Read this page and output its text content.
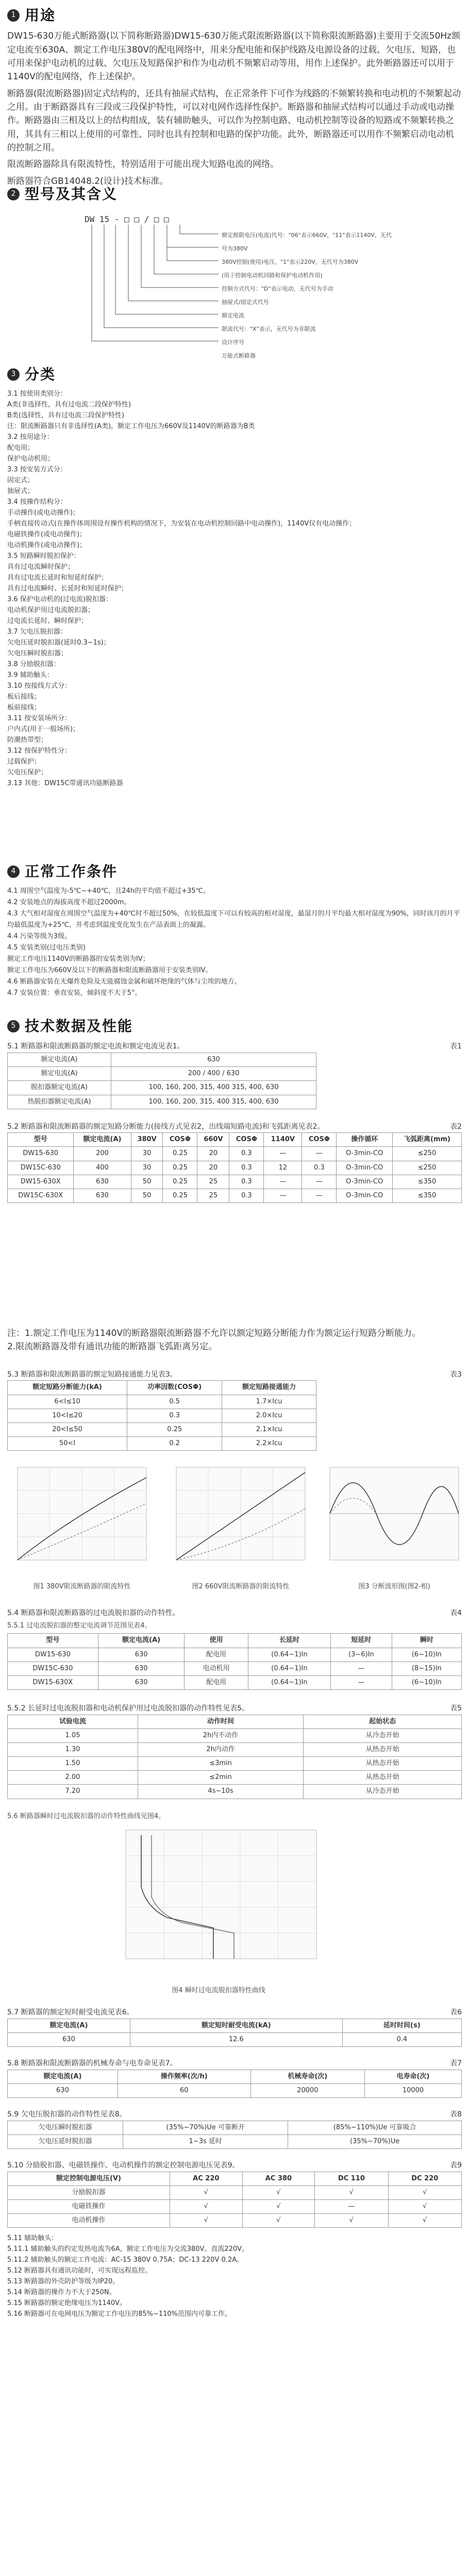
1 用途

DW15-630万能式断路器(以下简称断路器)DW15-630万能式限流断路器(以下简称限流断路器)主要用于交流50Hz额定电流至630A、额定工作电压380V的配电网络中，用来分配电能和保护线路及电源设备的过载、欠电压、短路，也可用来保护电动机的过载、欠电压及短路保护和作为电动机不频繁启动等用，用作上述保护。此外断路器还可以用于1140V的配电网络，作上述保护。

断路器(限流断路器)固定式结构的，还具有抽屉式结构，在正常条件下可作为线路的不频繁转换和电动机的不频繁起动之用。由于断路器具有三段或三段保护特性，可以对电网作选择性保护。断路器和抽屉式结构可以通过手动或电动操作。断路器由三相及以上的结构组成，装有辅助触头，可以作为控制电路、电动机控制等设备的短路或不频繁转换之用，其具有三相以上使用的可靠性、同时也具有控制和电路的保护功能。此外，断路器还可以用作不频繁启动电动机的控制之用。

限流断路器除具有限流特性，特别适用于可能出现大短路电流的网络。

断路器符合GB14048.2(设计)技术标准。

2 型号及其含义
DW 15 - □ □ / □ □
额定极限电压(电流)代号："06"表示660V，"11"表示1140V，无代号为380V
380V控制(使用)电压，"1"表示220V，无代号为380V
(用于控制电动机回路和保护电动机作用)
控制方式代号："D"表示电动，无代号为手动
抽屉式/固定式代号
额定电流
限流代号："X"表示，无代号为非限流
设计序号
万能式断路器
3 分类
3.1 按使用类别分：
A类(非选择性，具有过电流二段保护特性)
B类(选择性，具有过电流三段保护特性)
注：限流断路器只有非选择性(A类)，额定工作电压为660V及1140V的断路器为B类
3.2 按用途分：
配电用；
保护电动机用；
3.3 按安装方式分：
固定式；
抽屉式；
3.4 按操作结构分：
手动操作(或电动操作)；
手柄直接传动式(在操作体周围设有操作机构的情况下，为安装在电动机控制回路中电动操作)，1140V仅有电动操作；
电磁铁操作(或电动操作)；
电动机操作(或电动操作)；
3.5 短路瞬时脱扣保护：
具有过电流瞬时保护；
具有过电流长延时和短延时保护；
具有过电流瞬时、长延时和短延时保护；
3.6 保护电动机的(过电流)脱扣器：
电动机保护用过电流脱扣器；
过电流长延时、瞬时保护；
3.7 欠电压脱扣器：
欠电压延时脱扣器(延时0.3~1s)；
欠电压瞬时脱扣器；
3.8 分励脱扣器：
3.9 辅助触头：
3.10 按接线方式分：
板后接线；
板前接线；
3.11 按安装场所分：
户内式(用于一般场所)；
防潮热带型；
3.12 按保护特性分：
过载保护；
欠电压保护；
3.13 其他：DW15C带通讯功能断路器
4 正常工作条件
4.1 周围空气温度为-5℃~+40℃，且24h的平均值不超过+35℃。
4.2 安装地点的海拔高度不超过2000m。
4.3 大气相对湿度在周围空气温度为+40℃时不超过50%，在较低温度下可以有较高的相对湿度，最湿月的月平均最大相对湿度为90%，同时该月的月平均最低温度为+25℃，并考虑到温度变化发生在产品表面上的凝露。
4.4 污染等级为3级。
4.5 安装类别(过电压类别)
额定工作电压1140V的断路器的安装类别为IV；
额定工作电压为660V及以下的断路器和限流断路器用于安装类别IV。
4.6 断路器安装在无爆炸危险及无能腐蚀金属和破坏绝缘的气体与尘埃的地方。
4.7 安装位置：垂直安装，倾斜度不大于5°。
5 技术数据及性能
5.1 断路器和限流断路器的额定电流和额定电流见表1。	表1
额定电流(A)	630
额定电流(A)	200 / 400 / 630
脱扣器额定电流(A)	100, 160, 200, 315, 400 315, 400, 630
热脱扣器额定电流(A)	100, 160, 200, 315, 400 315, 400, 630
5.2 断路器和限流断路器的额定短路分断能力(接线方式见表2，出线端短路电流)和飞弧距离见表2。	表2
型号	额定电流(A)	380V	COSΦ	660V	COSΦ	1140V	COSΦ	操作循环	飞弧距离(mm)
DW15-630	200	30	0.25	20	0.3	—	—	O-3min-CO	≤250
DW15C-630	400	30	0.25	20	0.3	12	0.3	O-3min-CO	≤250
DW15-630X	630	50	0.25	25	0.3	—	—	O-3min-CO	≤350
DW15C-630X	630	50	0.25	25	0.3	—	—	O-3min-CO	≤350
注：1.额定工作电压为1140V的断路器限流断路器不允许以额定短路分断能力作为额定运行短路分断能力。
2.限流断路器及带有通讯功能的断路器飞弧距离另定。
5.3 断路器和限流断路器的额定短路接通能力见表3。	表3
额定短路分断能力(kA)	功率因数(COSΦ)	额定短路接通能力
6<I≤10	0.5	1.7×Icu
10<I≤20	0.3	2.0×Icu
20<I≤50	0.25	2.1×Icu
50<I	0.2	2.2×Icu
图1 380V限流断路器的限流特性	图2 660V限流断路器的限流特性	图3 分断波形图(图2-相)
5.4 断路器和限流断路器的过电流脱扣器的动作特性。	表4
5.5.1 过电流脱扣器的整定电流调节范围见表4。
型号	额定电流(A)	使用	长延时	短延时	瞬时
DW15-630	630	配电用	(0.64~1)In	(3~6)In	(6~10)In
DW15C-630	630	电动机用	(0.64~1)In	—	(8~15)In
DW15-630X	630	配电用	(0.64~1)In	—	(6~10)In
5.5.2 长延时过电流脱扣器和电动机保护用过电流脱扣器的动作特性见表5。	表5
试验电流	动作时间	起始状态
1.05	2h内不动作	从冷态开始
1.30	2h内动作	从热态开始
1.50	≤3min	从热态开始
2.00	≤2min	从热态开始
7.20	4s~10s	从冷态开始
5.6 断路器瞬时过电流脱扣器的动作特性曲线见图4。
图4 瞬时过电流脱扣器特性曲线
5.7 断路器的额定短时耐受电流见表6。	表6
额定电流(A)	额定短时耐受电流(kA)	延时时间(s)
630	12.6	0.4
5.8 断路器和限流断路器的机械寿命与电寿命见表7。	表7
额定电流(A)	操作频率(次/h)	机械寿命(次)	电寿命(次)
630	60	20000	10000
5.9 欠电压脱扣器的动作特性见表8。	表8
欠电压瞬时脱扣器	(35%~70%)Ue 可靠断开	(85%~110%)Ue 可靠吸合
欠电压延时脱扣器	1~3s 延时	(35%~70%)Ue
5.10 分励脱扣器、电磁铁操作、电动机操作的额定控制电源电压见表9。	表9
额定控制电源电压(V)	AC 220	AC 380	DC 110	DC 220
分励脱扣器	√	√	√	√
电磁铁操作	√	√	—	√
电动机操作	√	√	√	√
5.11 辅助触头：
5.11.1 辅助触头的约定发热电流为6A，额定工作电压为交流380V、直流220V。
5.11.2 辅助触头的额定工作电流：AC-15 380V 0.75A；DC-13 220V 0.2A。
5.12 断路器具有通讯功能时，可实现远程监控。
5.13 断路器的外壳防护等级为IP20。
5.14 断路器的操作力不大于250N。
5.15 断路器的额定绝缘电压为1140V。
5.16 断路器可在电网电压为额定工作电压的85%~110%范围内可靠工作。
